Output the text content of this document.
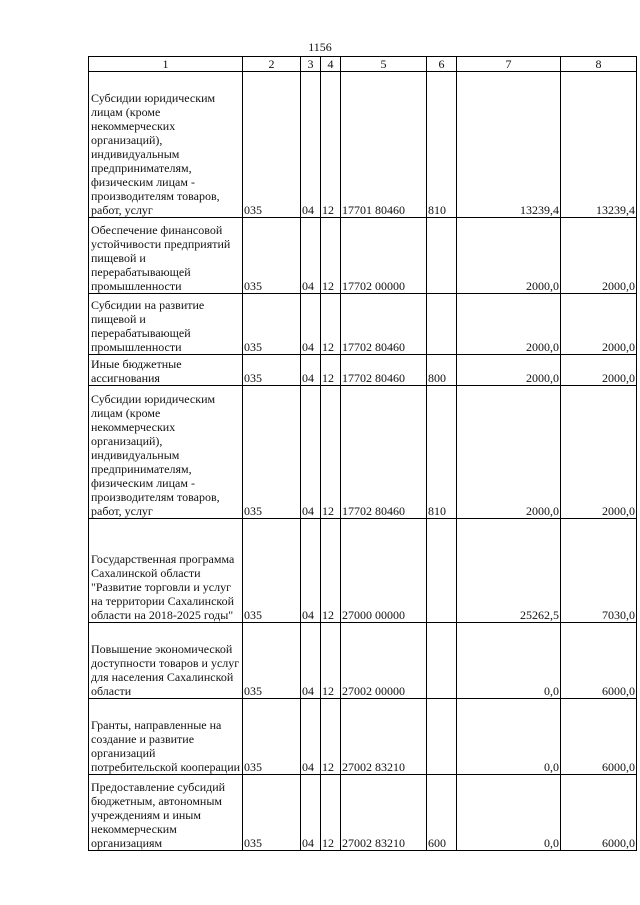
1156
1	2	3	4	5	6	7	8
Субсидии юридическим лицам (кроме некоммерческих организаций), индивидуальным предпринимателям, физическим лицам - производителям товаров, работ, услуг	035	04	12	17701 80460	810	13239,4	13239,4
Обеспечение финансовой устойчивости предприятий пищевой и перерабатывающей промышленности	035	04	12	17702 00000		2000,0	2000,0
Субсидии на развитие пищевой и перерабатывающей промышленности	035	04	12	17702 80460		2000,0	2000,0
Иные бюджетные ассигнования	035	04	12	17702 80460	800	2000,0	2000,0
Субсидии юридическим лицам (кроме некоммерческих организаций), индивидуальным предпринимателям, физическим лицам - производителям товаров, работ, услуг	035	04	12	17702 80460	810	2000,0	2000,0
Государственная программа Сахалинской области "Развитие торговли и услуг на территории Сахалинской области на 2018-2025 годы"	035	04	12	27000 00000		25262,5	7030,0
Повышение экономической доступности товаров и услуг для населения Сахалинской области	035	04	12	27002 00000		0,0	6000,0
Гранты, направленные на создание и развитие организаций потребительской кооперации	035	04	12	27002 83210		0,0	6000,0
Предоставление субсидий бюджетным, автономным учреждениям и иным некоммерческим организациям	035	04	12	27002 83210	600	0,0	6000,0
